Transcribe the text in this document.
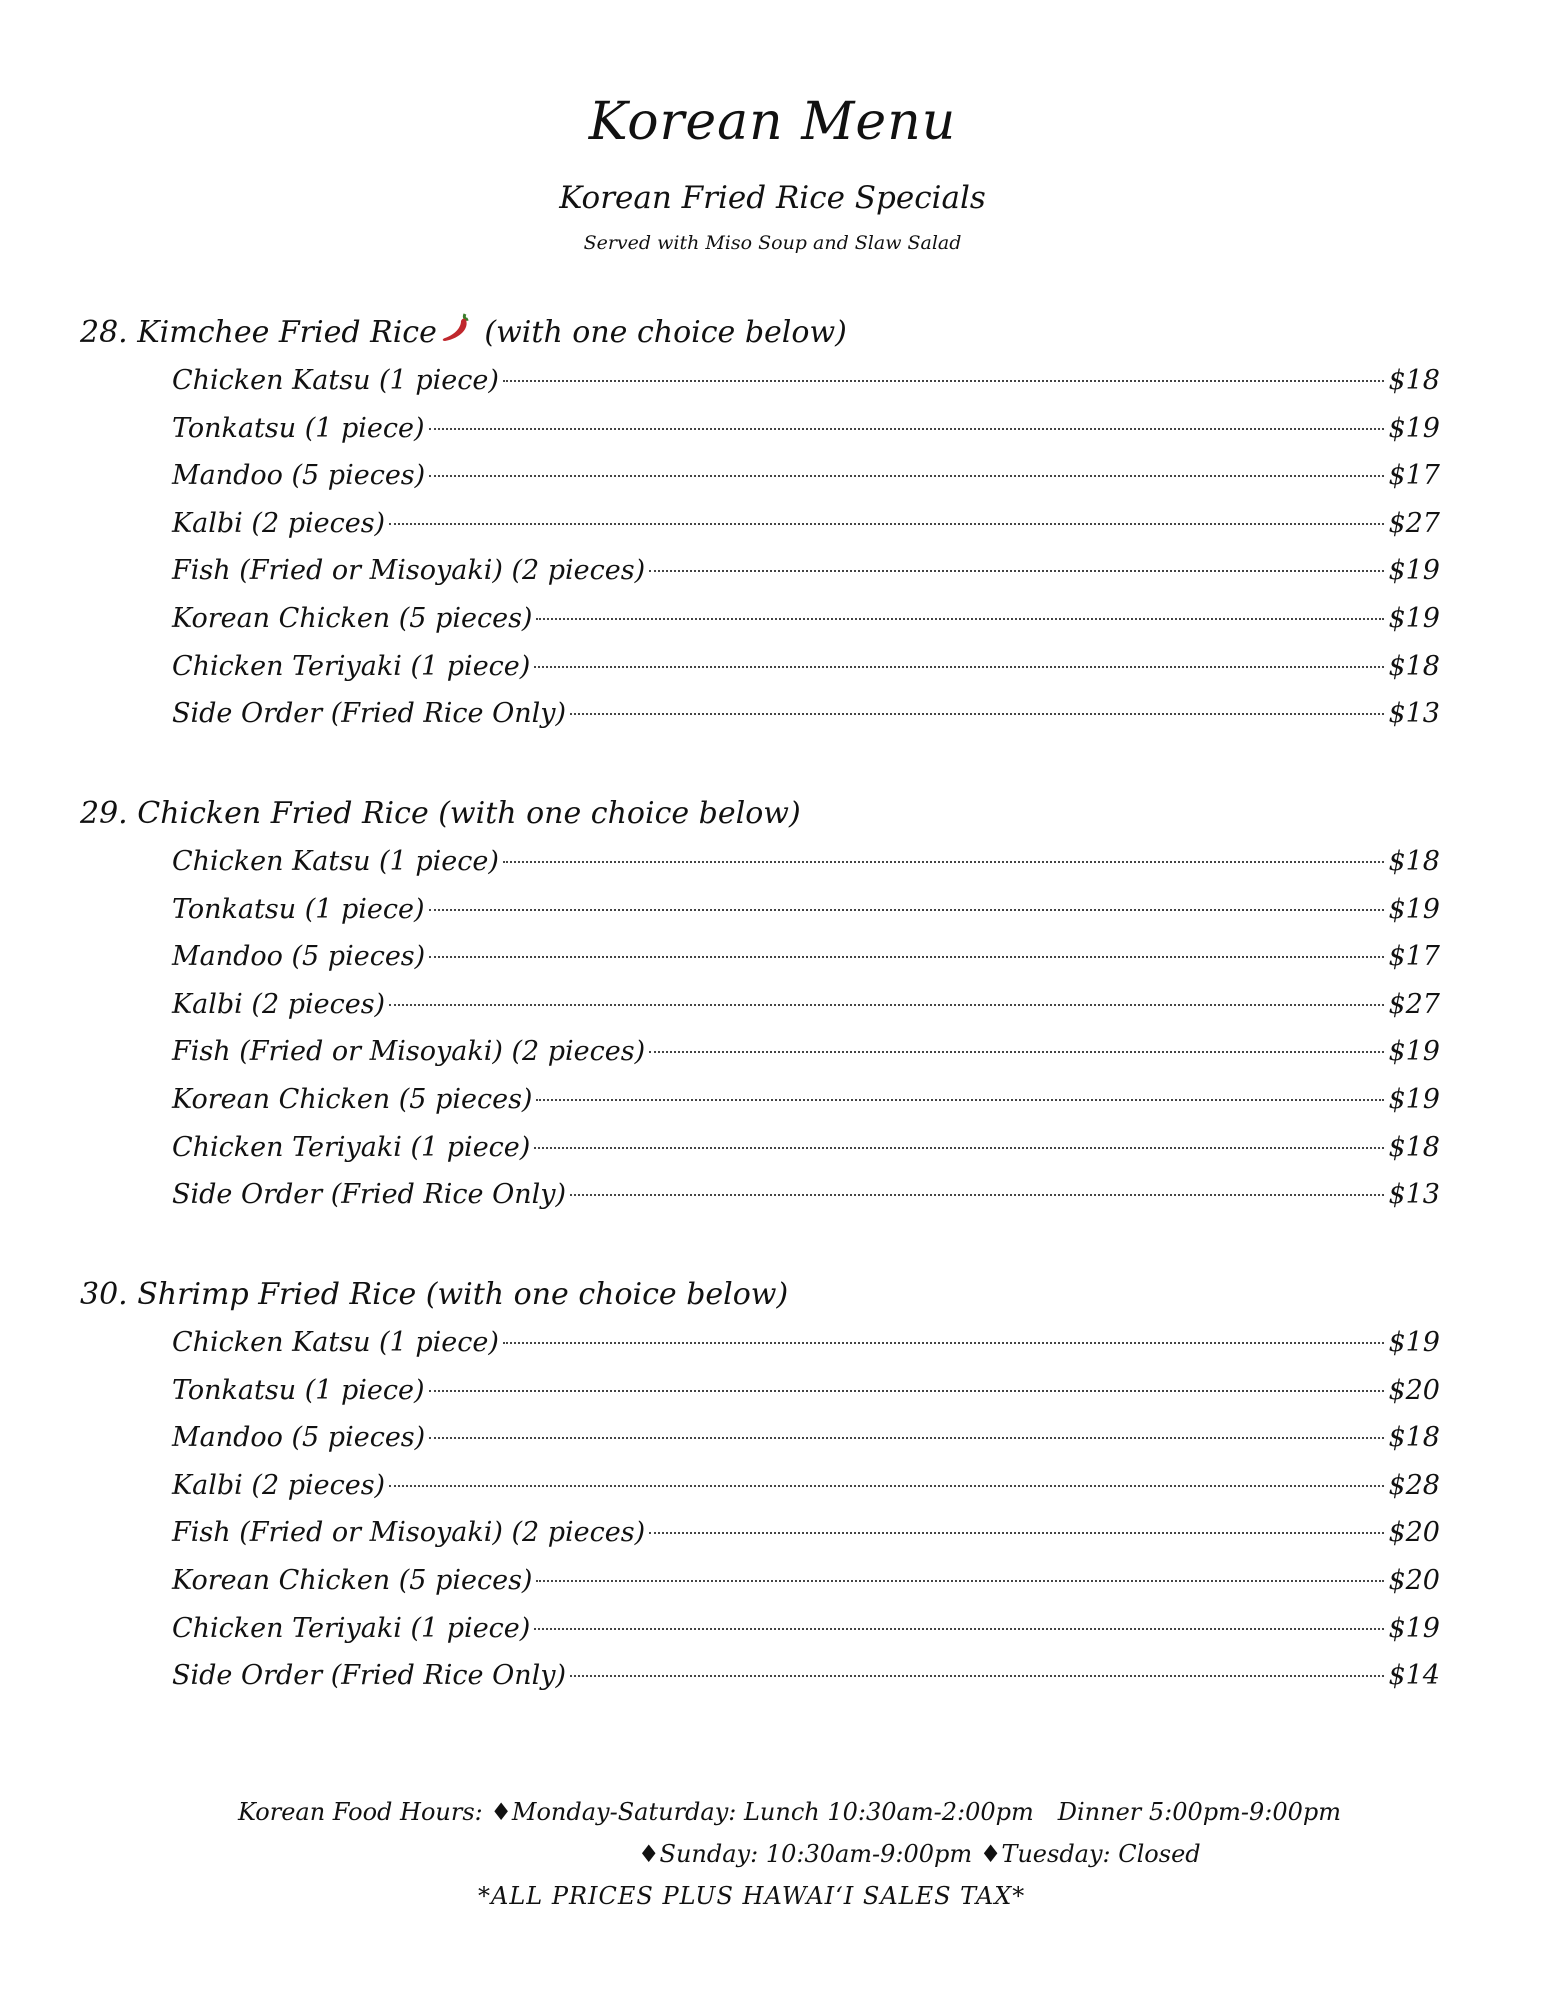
Korean Menu
Korean Fried Rice Specials
Served with Miso Soup and Slaw Salad
28. Kimchee Fried Rice (with one choice below)
Chicken Katsu (1 piece)	$18
Tonkatsu (1 piece)	$19
Mandoo (5 pieces)	$17
Kalbi (2 pieces)	$27
Fish (Fried or Misoyaki) (2 pieces)	$19
Korean Chicken (5 pieces)	$19
Chicken Teriyaki (1 piece)	$18
Side Order (Fried Rice Only)	$13
29. Chicken Fried Rice (with one choice below)
Chicken Katsu (1 piece)	$18
Tonkatsu (1 piece)	$19
Mandoo (5 pieces)	$17
Kalbi (2 pieces)	$27
Fish (Fried or Misoyaki) (2 pieces)	$19
Korean Chicken (5 pieces)	$19
Chicken Teriyaki (1 piece)	$18
Side Order (Fried Rice Only)	$13
30. Shrimp Fried Rice (with one choice below)
Chicken Katsu (1 piece)	$19
Tonkatsu (1 piece)	$20
Mandoo (5 pieces)	$18
Kalbi (2 pieces)	$28
Fish (Fried or Misoyaki) (2 pieces)	$20
Korean Chicken (5 pieces)	$20
Chicken Teriyaki (1 piece)	$19
Side Order (Fried Rice Only)	$14
Korean Food Hours: ♦Monday-Saturday: Lunch 10:30am-2:00pm Dinner 5:00pm-9:00pm
♦Sunday: 10:30am-9:00pm ♦Tuesday: Closed
*ALL PRICES PLUS HAWAIʻI SALES TAX*
